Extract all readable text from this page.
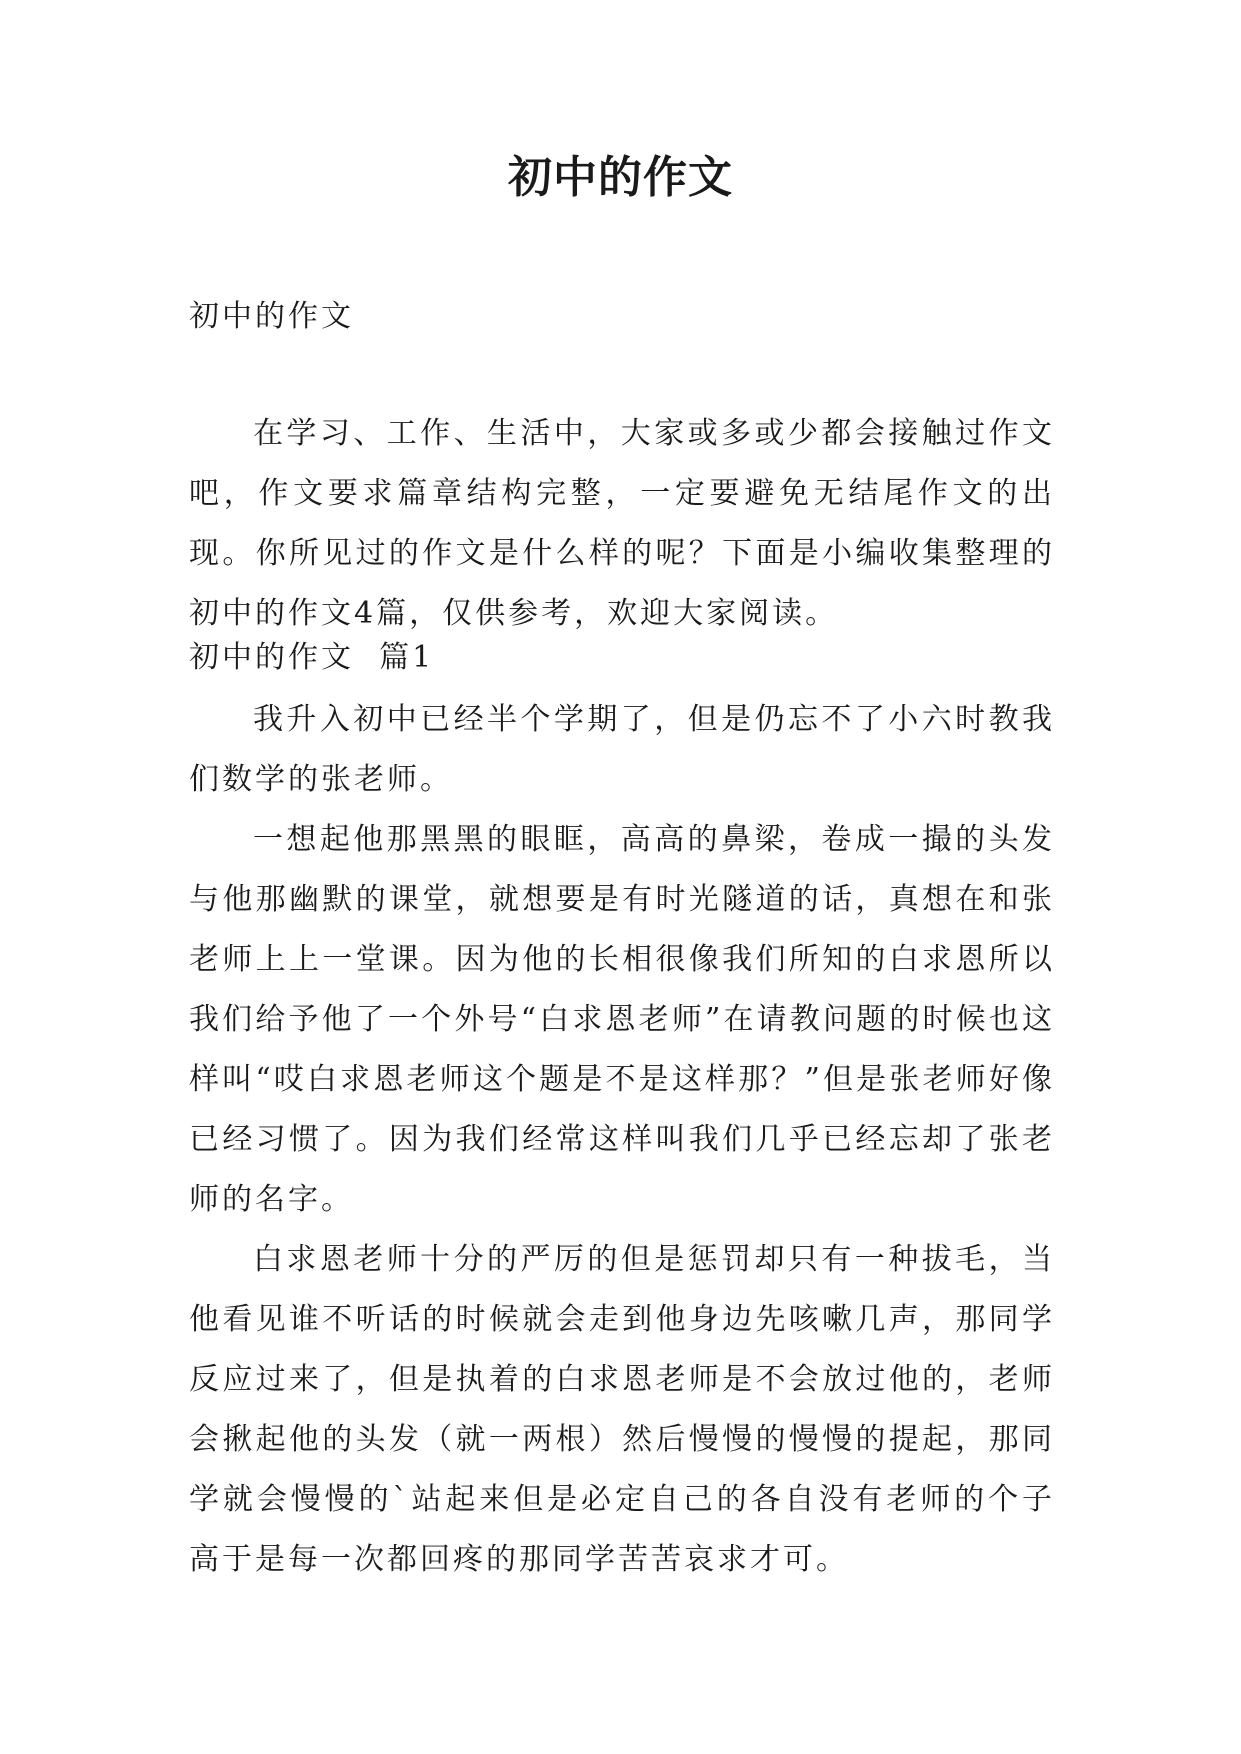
初中的作文

初中的作文

在学习、工作、生活中，大家或多或少都会接触过作文吧，作文要求篇章结构完整，一定要避免无结尾作文的出现。你所见过的作文是什么样的呢？下面是小编收集整理的初中的作文4篇，仅供参考，欢迎大家阅读。

初中的作文  篇1

我升入初中已经半个学期了，但是仍忘不了小六时教我们数学的张老师。

一想起他那黑黑的眼眶，高高的鼻梁，卷成一撮的头发与他那幽默的课堂，就想要是有时光隧道的话，真想在和张老师上上一堂课。因为他的长相很像我们所知的白求恩所以我们给予他了一个外号“白求恩老师”在请教问题的时候也这样叫“哎白求恩老师这个题是不是这样那？”但是张老师好像已经习惯了。因为我们经常这样叫我们几乎已经忘却了张老师的名字。

白求恩老师十分的严厉的但是惩罚却只有一种拔毛，当他看见谁不听话的时候就会走到他身边先咳嗽几声，那同学反应过来了，但是执着的白求恩老师是不会放过他的，老师会揪起他的头发（就一两根）然后慢慢的慢慢的提起，那同学就会慢慢的`站起来但是必定自己的各自没有老师的个子高于是每一次都回疼的那同学苦苦哀求才可。
